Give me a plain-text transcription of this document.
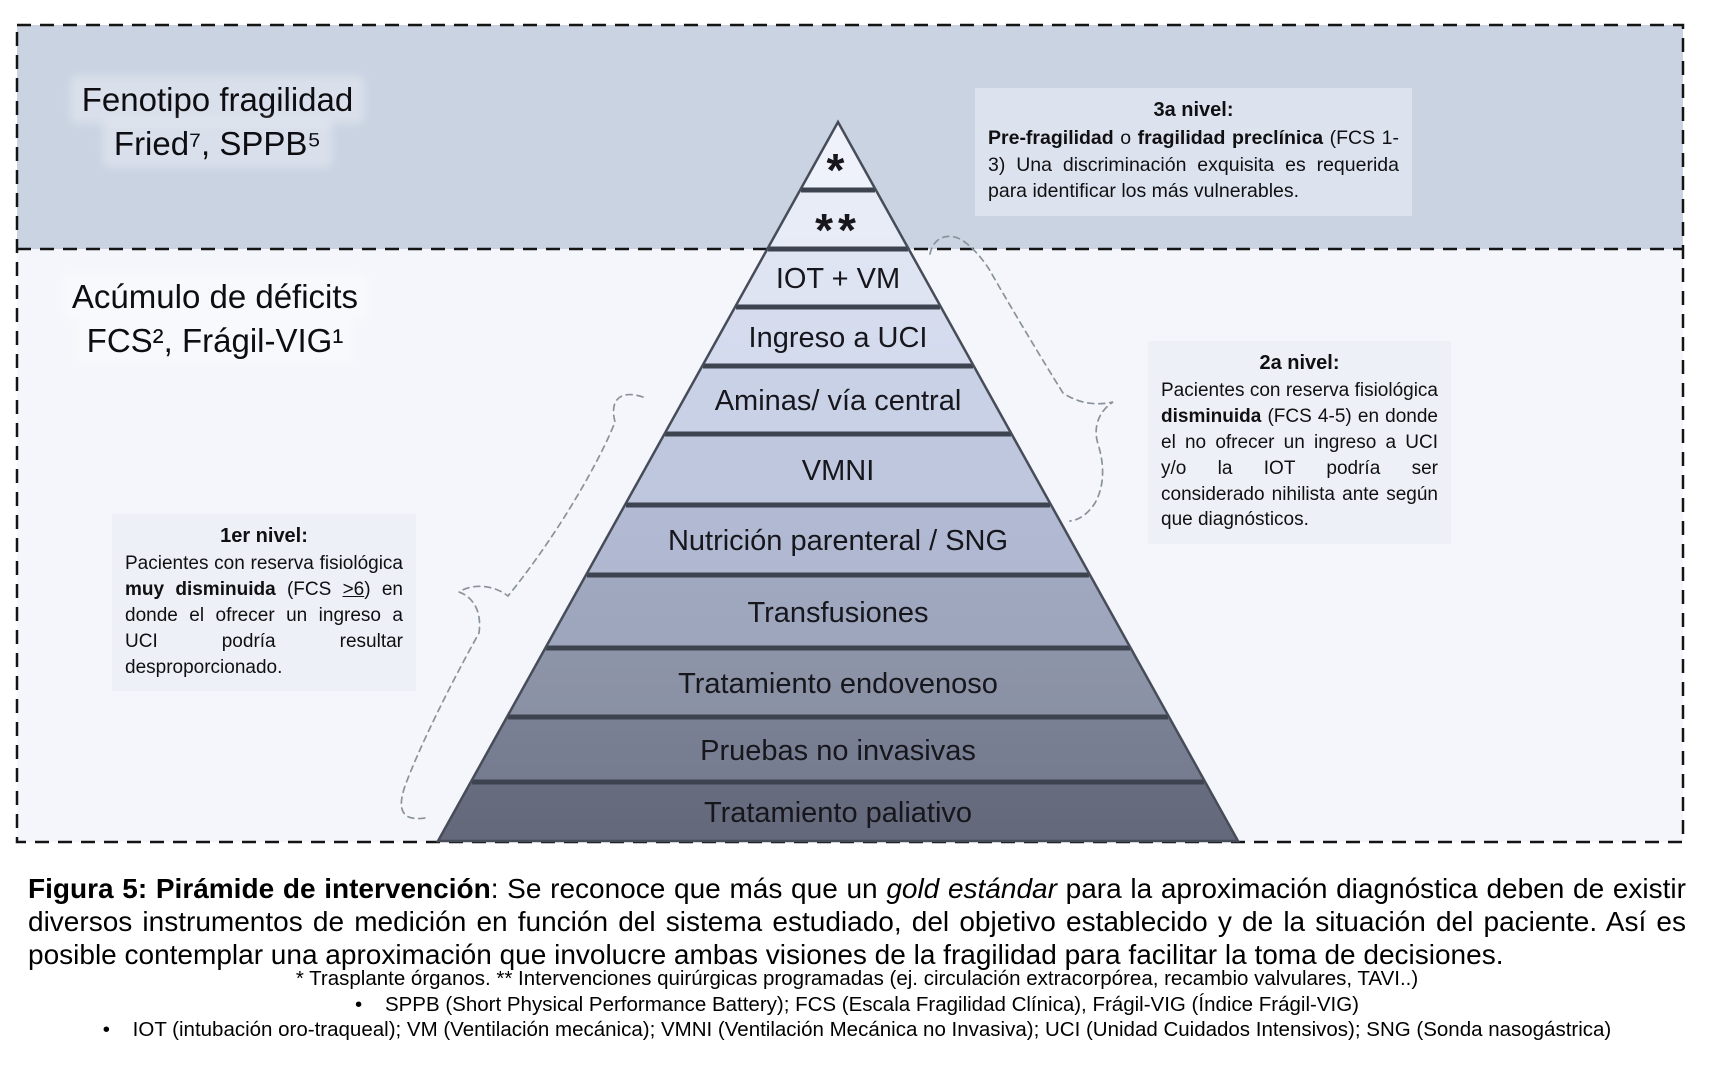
*
**
IOT + VM
Ingreso a UCI
Aminas/ vía central
VMNI
Nutrición parenteral / SNG
Transfusiones
Tratamiento endovenoso
Pruebas no invasivas
Tratamiento paliativo
Fenotipo fragilidad
Fried⁷, SPPB⁵
Acúmulo de déficits
FCS², Frágil-VIG¹
3a nivel:

Pre-fragilidad o fragilidad preclínica (FCS 1-3) Una discriminación exquisita es requerida para identificar los más vulnerables.

2a nivel:

Pacientes con reserva fisiológica disminuida (FCS 4-5) en donde el no ofrecer un ingreso a UCI y/o la IOT podría ser considerado nihilista ante según que diagnósticos.

1er nivel:

Pacientes con reserva fisiológica muy disminuida (FCS >6) en donde el ofrecer un ingreso a UCI podría resultar desproporcionado.

Figura 5: Pirámide de intervención: Se reconoce que más que un gold estándar para la aproximación diagnóstica deben de existir diversos instrumentos de medición en función del sistema estudiado, del objetivo establecido y de la situación del paciente. Así es posible contemplar una aproximación que involucre ambas visiones de la fragilidad para facilitar la toma de decisiones.
* Trasplante órganos. ** Intervenciones quirúrgicas programadas (ej. circulación extracorpórea, recambio valvulares, TAVI..)
•    SPPB (Short Physical Performance Battery); FCS (Escala Fragilidad Clínica), Frágil-VIG (Índice Frágil-VIG)
•    IOT (intubación oro-traqueal); VM (Ventilación mecánica); VMNI (Ventilación Mecánica no Invasiva); UCI (Unidad Cuidados Intensivos); SNG (Sonda nasogástrica)
